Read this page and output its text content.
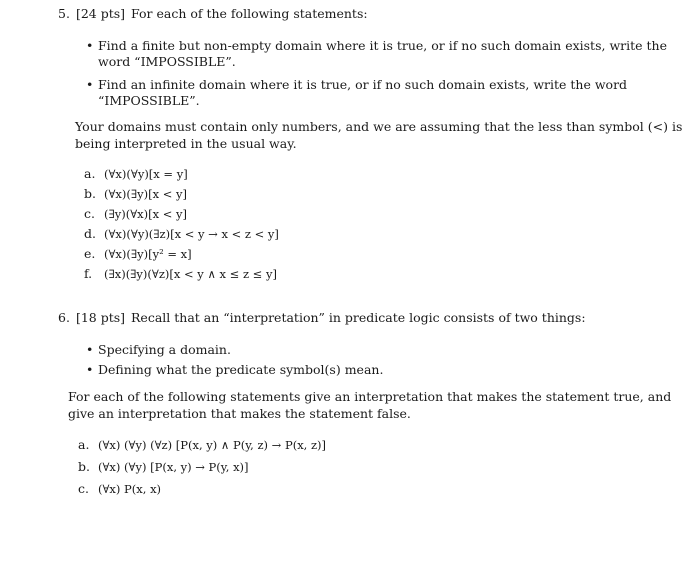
5. [24 pts] For each of the following statements:
• Find a finite but non-empty domain where it is true, or if no such domain exists, write the word “IMPOSSIBLE”.
• Find an infinite domain where it is true, or if no such domain exists, write the word “IMPOSSIBLE”.
Your domains must contain only numbers, and we are assuming that the less than symbol (<) is being interpreted in the usual way.
a. (∀x)(∀y)[x = y]
b. (∀x)(∃y)[x < y]
c. (∃y)(∀x)[x < y]
d. (∀x)(∀y)(∃z)[x < y → x < z < y]
e. (∀x)(∃y)[y² = x]
f. (∃x)(∃y)(∀z)[x < y ∧ x ≤ z ≤ y]
6. [18 pts] Recall that an “interpretation” in predicate logic consists of two things:
• Specifying a domain.
• Defining what the predicate symbol(s) mean.
For each of the following statements give an interpretation that makes the statement true, and give an interpretation that makes the statement false.
a. (∀x) (∀y) (∀z) [P(x, y) ∧ P(y, z) → P(x, z)]
b. (∀x) (∀y) [P(x, y) → P(y, x)]
c. (∀x) P(x, x)
